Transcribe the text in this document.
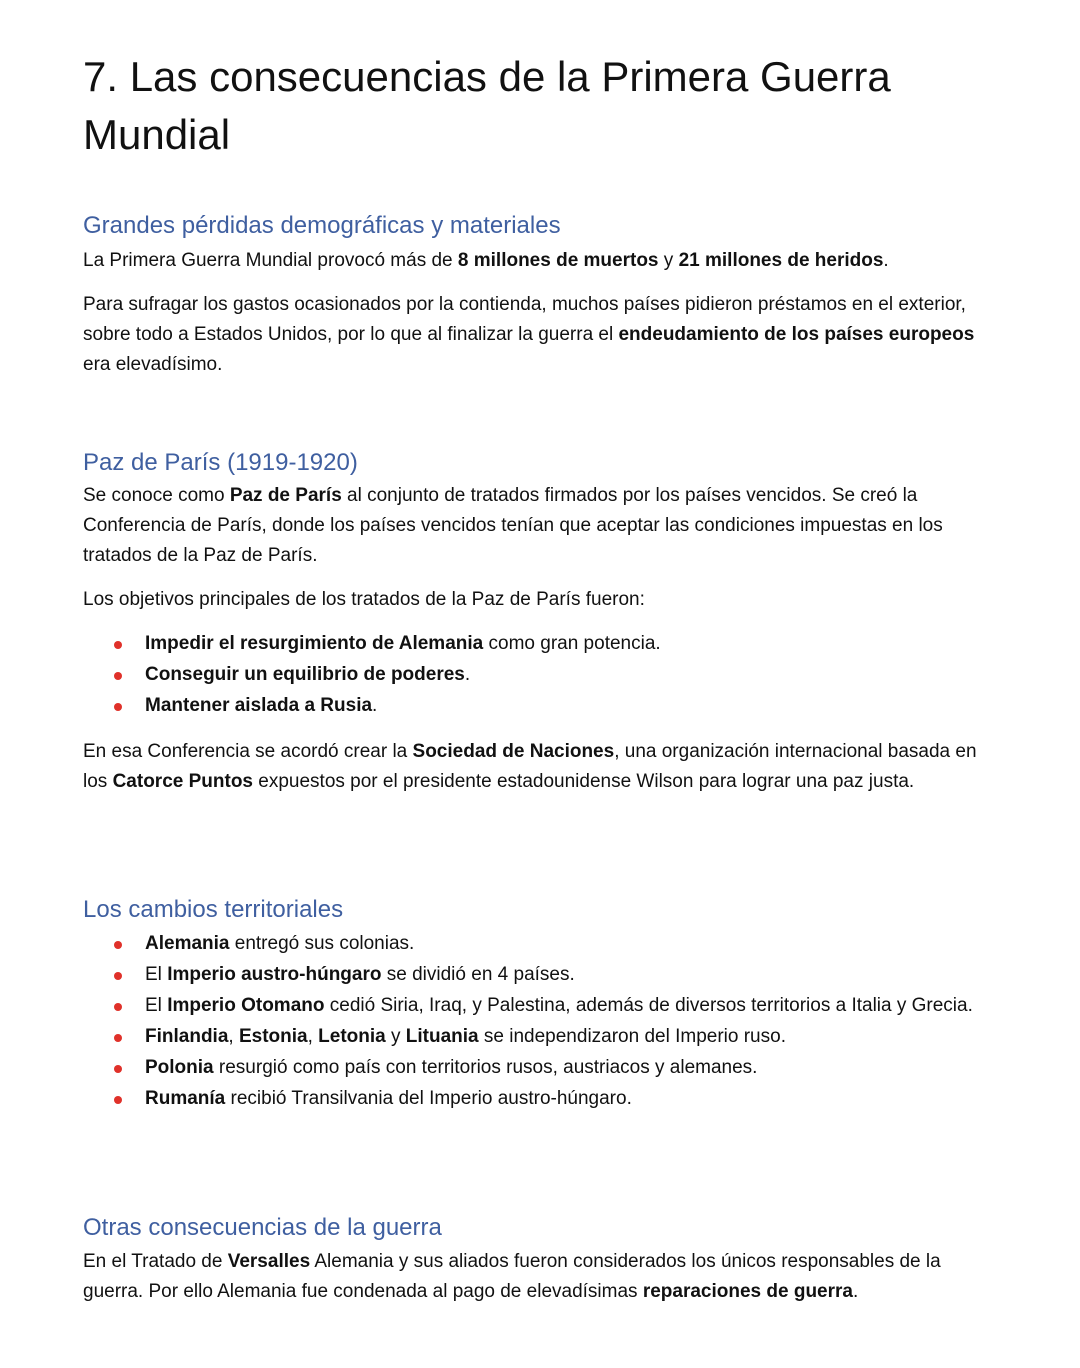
7. Las consecuencias de la Primera Guerra Mundial
Grandes pérdidas demográficas y materiales

La Primera Guerra Mundial provocó más de 8 millones de muertos y 21 millones de heridos.

Para sufragar los gastos ocasionados por la contienda, muchos países pidieron préstamos en el exterior, sobre todo a Estados Unidos, por lo que al finalizar la guerra el endeudamiento de los países europeos era elevadísimo.

Paz de París (1919-1920)

Se conoce como Paz de París al conjunto de tratados firmados por los países vencidos. Se creó la Conferencia de París, donde los países vencidos tenían que aceptar las condiciones impuestas en los tratados de la Paz de París.

Los objetivos principales de los tratados de la Paz de París fueron:

Impedir el resurgimiento de Alemania como gran potencia.
Conseguir un equilibrio de poderes.
Mantener aislada a Rusia.

En esa Conferencia se acordó crear la Sociedad de Naciones, una organización internacional basada en los Catorce Puntos expuestos por el presidente estadounidense Wilson para lograr una paz justa.

Los cambios territoriales
Alemania entregó sus colonias.
El Imperio austro-húngaro se dividió en 4 países.
El Imperio Otomano cedió Siria, Iraq, y Palestina, además de diversos territorios a Italia y Grecia.
Finlandia, Estonia, Letonia y Lituania se independizaron del Imperio ruso.
Polonia resurgió como país con territorios rusos, austriacos y alemanes.
Rumanía recibió Transilvania del Imperio austro-húngaro.
Otras consecuencias de la guerra

En el Tratado de Versalles Alemania y sus aliados fueron considerados los únicos responsables de la guerra. Por ello Alemania fue condenada al pago de elevadísimas reparaciones de guerra.
